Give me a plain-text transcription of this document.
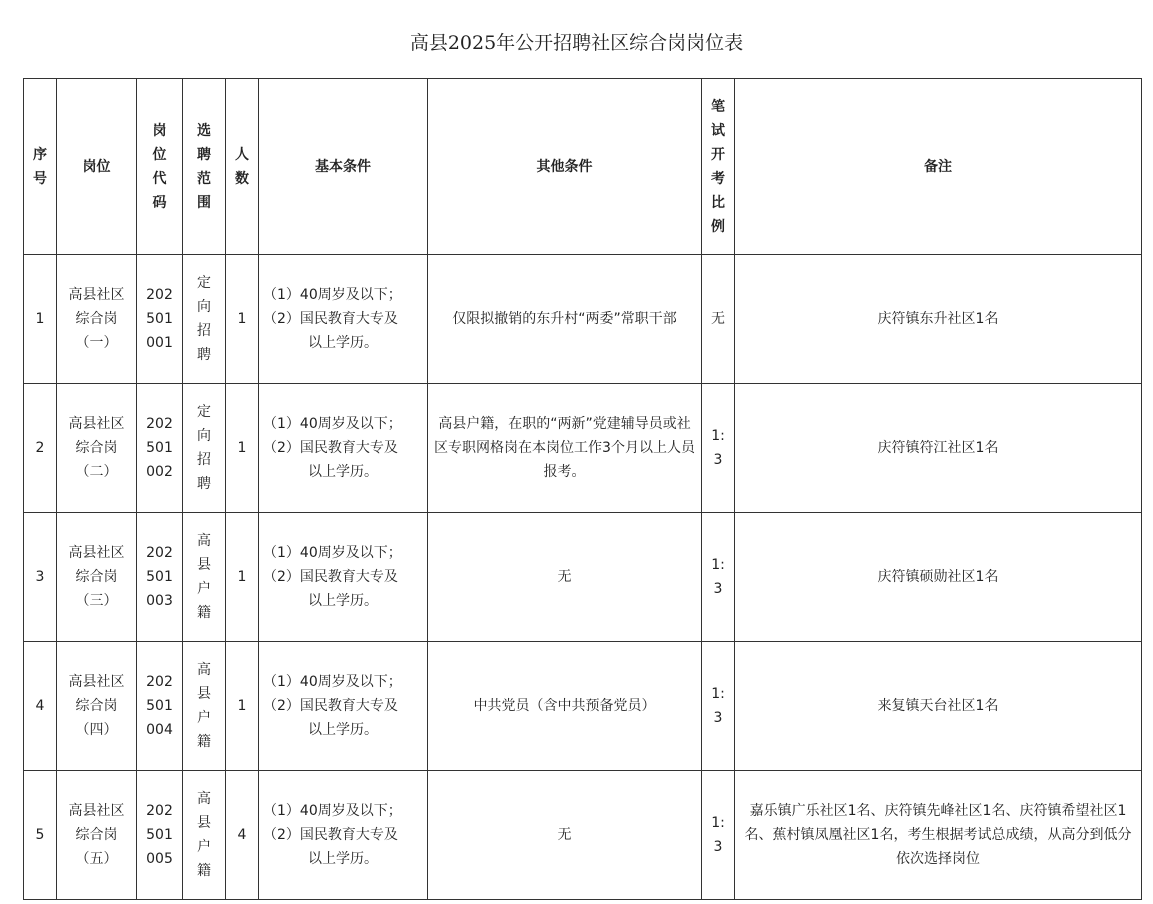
高县2025年公开招聘社区综合岗岗位表
序号	岗位	岗位代码	选聘范围	人数	基本条件	其他条件	笔试开考比例	备注
1	高县社区
综合岗
（一）	202
501
001	定向招聘	1	（1）40周岁及以下；
（2）国民教育大专及
以上学历。	仅限拟撤销的东升村“两委”常职干部	无	庆符镇东升社区1名
2	高县社区
综合岗
（二）	202
501
002	定向招聘	1	（1）40周岁及以下；
（2）国民教育大专及
以上学历。	高县户籍，在职的“两新”党建辅导员或社区专职网格岗在本岗位工作3个月以上人员报考。	1:3	庆符镇符江社区1名
3	高县社区
综合岗
（三）	202
501
003	高县户籍	1	（1）40周岁及以下；
（2）国民教育大专及
以上学历。	无	1:3	庆符镇硕勋社区1名
4	高县社区
综合岗
（四）	202
501
004	高县户籍	1	（1）40周岁及以下；
（2）国民教育大专及
以上学历。	中共党员（含中共预备党员）	1:3	来复镇天台社区1名
5	高县社区
综合岗
（五）	202
501
005	高县户籍	4	（1）40周岁及以下；
（2）国民教育大专及
以上学历。	无	1:3	嘉乐镇广乐社区1名、庆符镇先峰社区1名、庆符镇希望社区1名、蕉村镇凤凰社区1名，考生根据考试总成绩，从高分到低分依次选择岗位
